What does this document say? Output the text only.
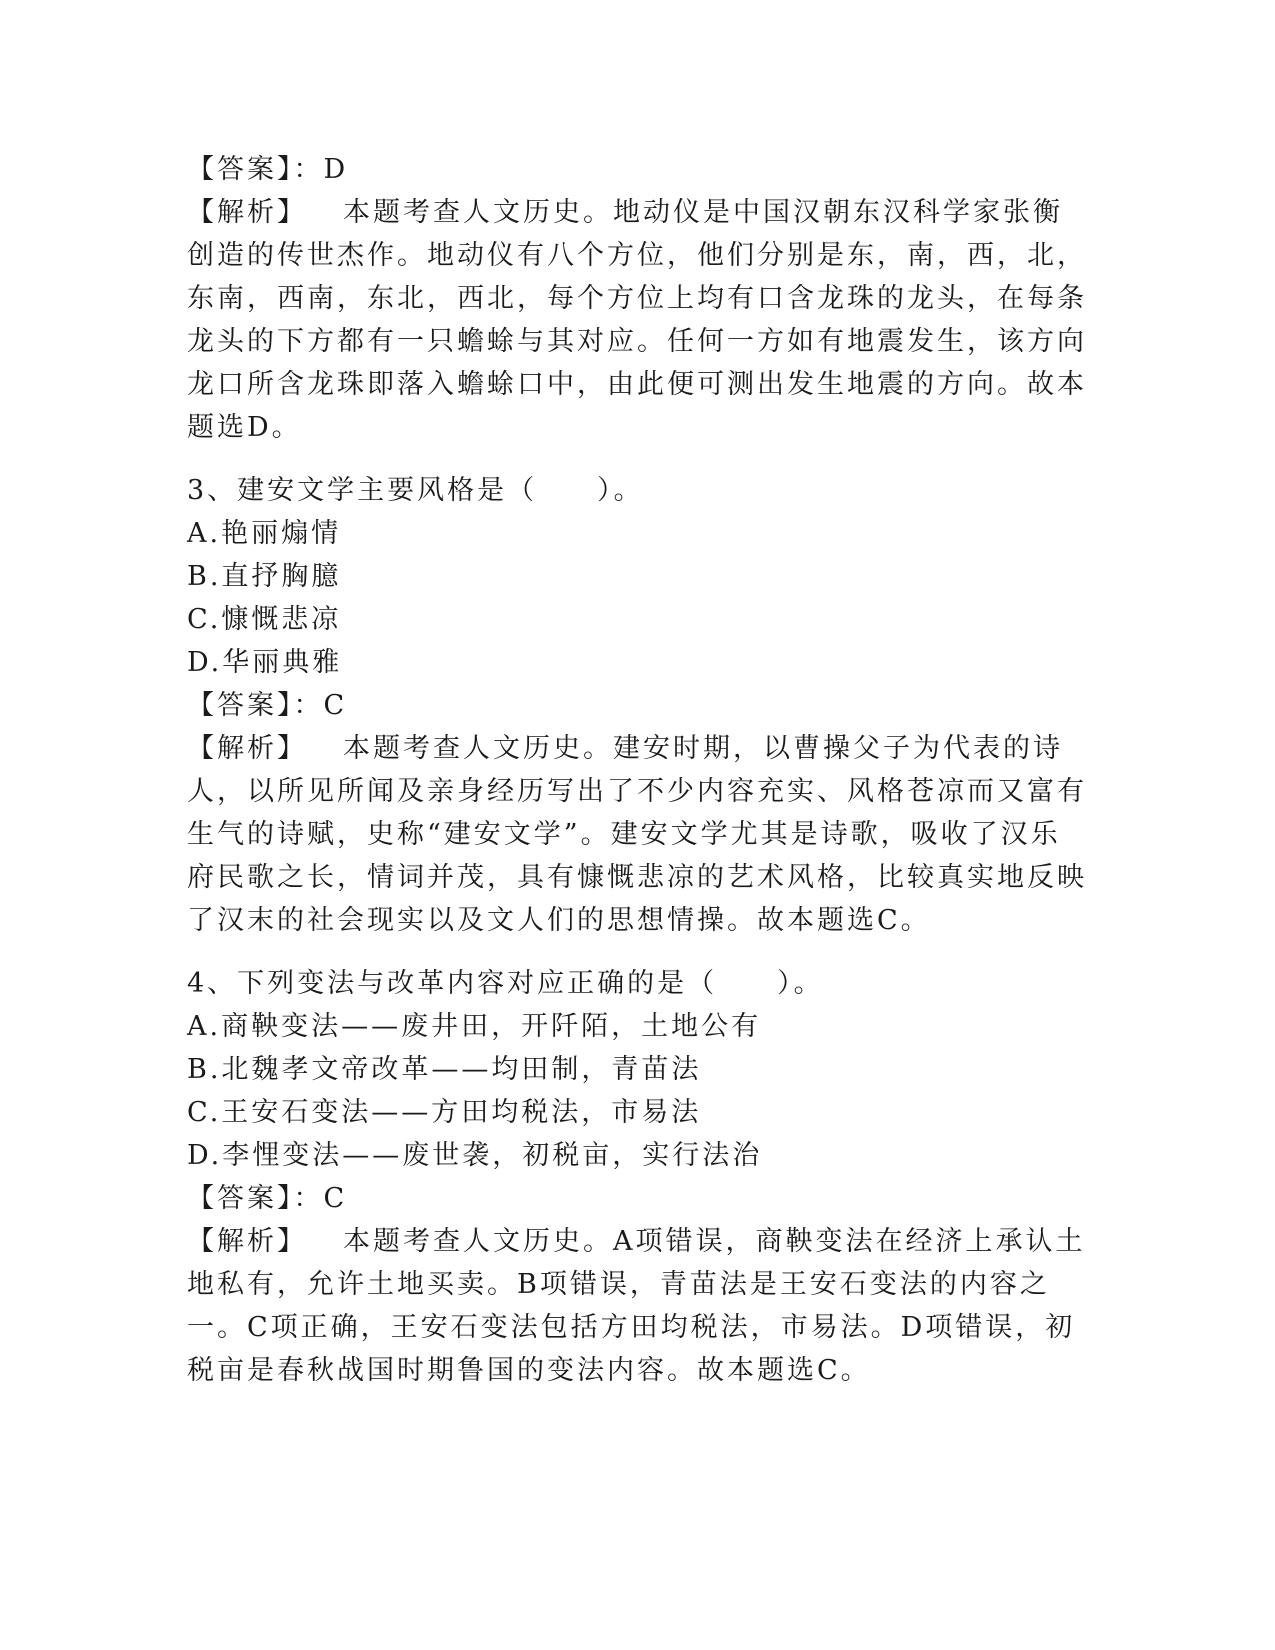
【答案】：D

【解析】 本题考查人文历史。地动仪是中国汉朝东汉科学家张衡创造的传世杰作。地动仪有八个方位，他们分别是东，南，西，北，东南，西南，东北，西北，每个方位上均有口含龙珠的龙头，在每条龙头的下方都有一只蟾蜍与其对应。任何一方如有地震发生，该方向龙口所含龙珠即落入蟾蜍口中，由此便可测出发生地震的方向。故本题选D。

3、建安文学主要风格是（　　）。

A.艳丽煽情

B.直抒胸臆

C.慷慨悲凉

D.华丽典雅

【答案】：C

【解析】 本题考查人文历史。建安时期，以曹操父子为代表的诗人，以所见所闻及亲身经历写出了不少内容充实、风格苍凉而又富有生气的诗赋，史称“建安文学”。建安文学尤其是诗歌，吸收了汉乐府民歌之长，情词并茂，具有慷慨悲凉的艺术风格，比较真实地反映了汉末的社会现实以及文人们的思想情操。故本题选C。

4、下列变法与改革内容对应正确的是（　　）。

A.商鞅变法——废井田，开阡陌，土地公有

B.北魏孝文帝改革——均田制，青苗法

C.王安石变法——方田均税法，市易法

D.李悝变法——废世袭，初税亩，实行法治

【答案】：C

【解析】 本题考查人文历史。A项错误，商鞅变法在经济上承认土地私有，允许土地买卖。B项错误，青苗法是王安石变法的内容之一。C项正确，王安石变法包括方田均税法，市易法。D项错误，初税亩是春秋战国时期鲁国的变法内容。故本题选C。
